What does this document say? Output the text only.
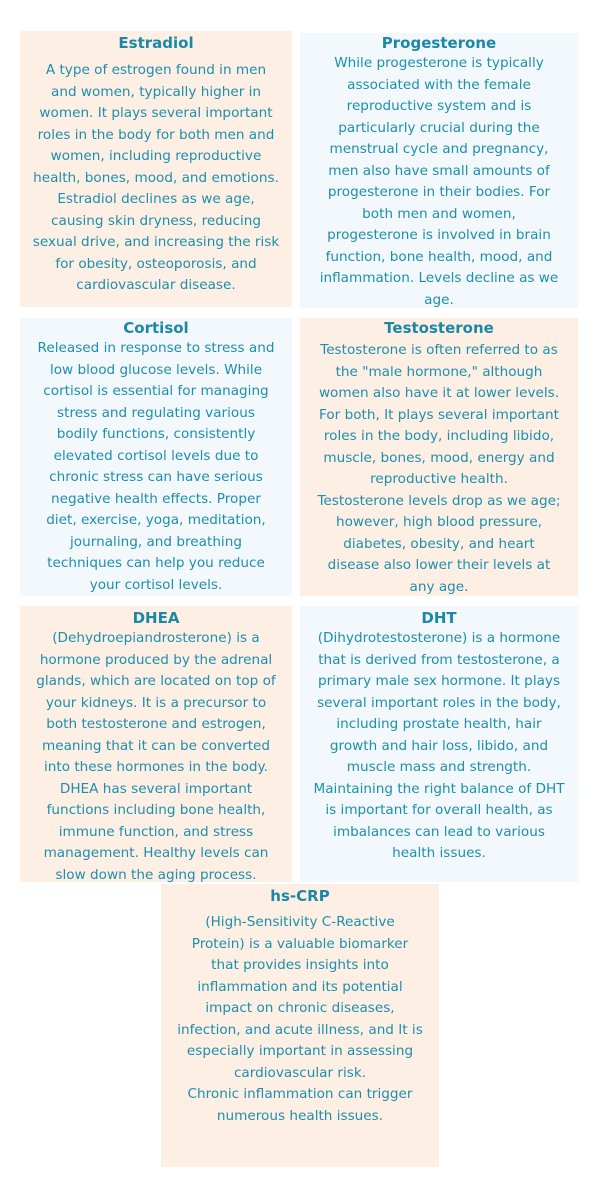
Estradiol

A type of estrogen found in men
and women, typically higher in
women. It plays several important
roles in the body for both men and
women, including reproductive
health, bones, mood, and emotions.
Estradiol declines as we age,
causing skin dryness, reducing
sexual drive, and increasing the risk
for obesity, osteoporosis, and
cardiovascular disease.

Progesterone

While progesterone is typically
associated with the female
reproductive system and is
particularly crucial during the
menstrual cycle and pregnancy,
men also have small amounts of
progesterone in their bodies. For
both men and women,
progesterone is involved in brain
function, bone health, mood, and
inflammation. Levels decline as we
age.

Cortisol

Released in response to stress and
low blood glucose levels. While
cortisol is essential for managing
stress and regulating various
bodily functions, consistently
elevated cortisol levels due to
chronic stress can have serious
negative health effects. Proper
diet, exercise, yoga, meditation,
journaling, and breathing
techniques can help you reduce
your cortisol levels.

Testosterone

Testosterone is often referred to as
the "male hormone," although
women also have it at lower levels.
For both, It plays several important
roles in the body, including libido,
muscle, bones, mood, energy and
reproductive health.
Testosterone levels drop as we age;
however, high blood pressure,
diabetes, obesity, and heart
disease also lower their levels at
any age.

DHEA

(Dehydroepiandrosterone) is a
hormone produced by the adrenal
glands, which are located on top of
your kidneys. It is a precursor to
both testosterone and estrogen,
meaning that it can be converted
into these hormones in the body.
DHEA has several important
functions including bone health,
immune function, and stress
management. Healthy levels can
slow down the aging process.

DHT

(Dihydrotestosterone) is a hormone
that is derived from testosterone, a
primary male sex hormone. It plays
several important roles in the body,
including prostate health, hair
growth and hair loss, libido, and
muscle mass and strength.
Maintaining the right balance of DHT
is important for overall health, as
imbalances can lead to various
health issues.

hs-CRP

(High-Sensitivity C-Reactive
Protein) is a valuable biomarker
that provides insights into
inflammation and its potential
impact on chronic diseases,
infection, and acute illness, and It is
especially important in assessing
cardiovascular risk.
Chronic inflammation can trigger
numerous health issues.
